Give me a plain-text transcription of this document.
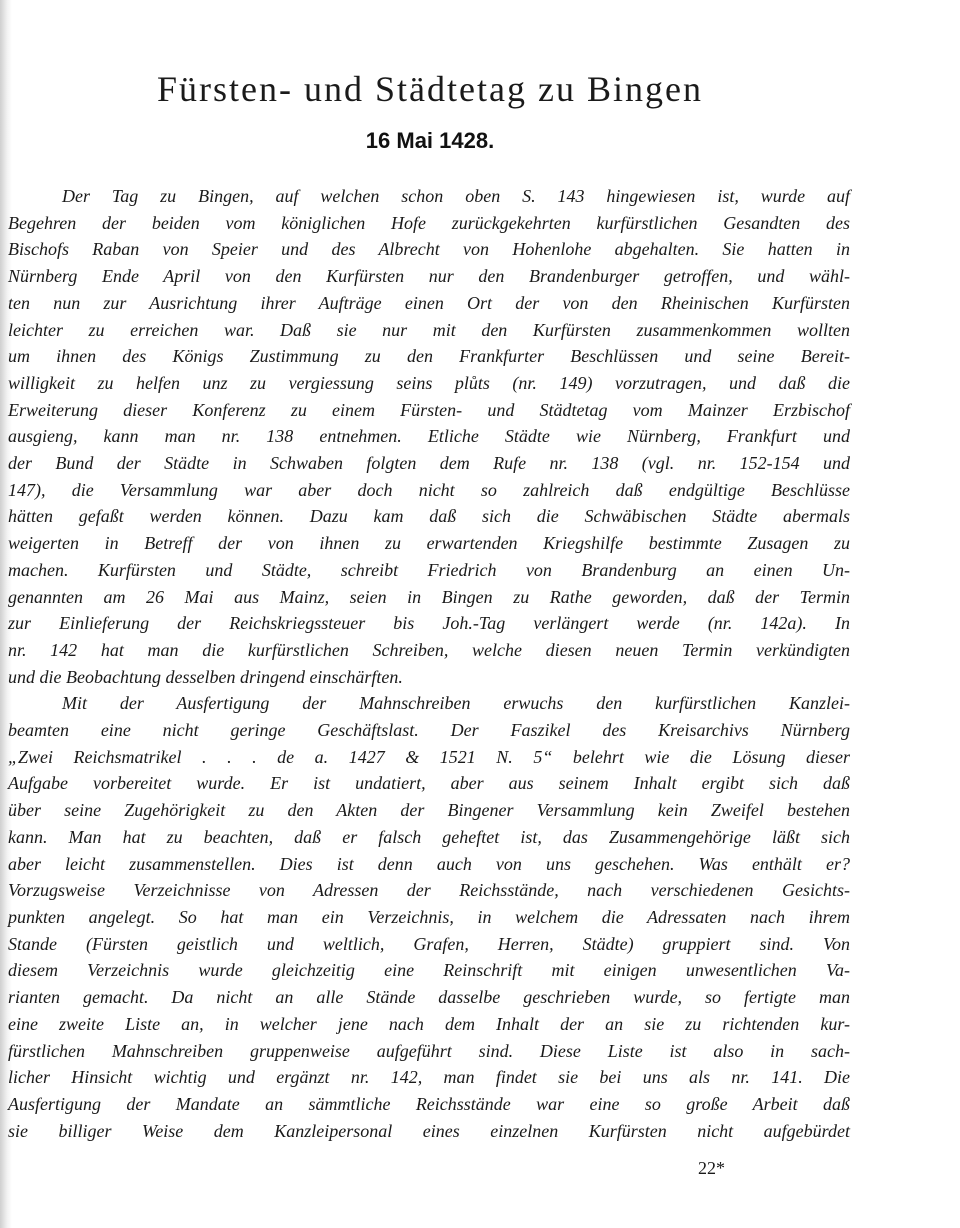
Fürsten- und Städtetag zu Bingen
16 Mai 1428.
Der Tag zu Bingen, auf welchen schon oben S. 143 hingewiesen ist, wurde auf
Begehren der beiden vom königlichen Hofe zurückgekehrten kurfürstlichen Gesandten des
Bischofs Raban von Speier und des Albrecht von Hohenlohe abgehalten. Sie hatten in
Nürnberg Ende April von den Kurfürsten nur den Brandenburger getroffen, und wähl-
ten nun zur Ausrichtung ihrer Aufträge einen Ort der von den Rheinischen Kurfürsten
leichter zu erreichen war. Daß sie nur mit den Kurfürsten zusammenkommen wollten
um ihnen des Königs Zustimmung zu den Frankfurter Beschlüssen und seine Bereit-
willigkeit zu helfen unz zu vergiessung seins plůts (nr. 149) vorzutragen, und daß die
Erweiterung dieser Konferenz zu einem Fürsten- und Städtetag vom Mainzer Erzbischof
ausgieng, kann man nr. 138 entnehmen. Etliche Städte wie Nürnberg, Frankfurt und
der Bund der Städte in Schwaben folgten dem Rufe nr. 138 (vgl. nr. 152-154 und
147), die Versammlung war aber doch nicht so zahlreich daß endgültige Beschlüsse
hätten gefaßt werden können. Dazu kam daß sich die Schwäbischen Städte abermals
weigerten in Betreff der von ihnen zu erwartenden Kriegshilfe bestimmte Zusagen zu
machen. Kurfürsten und Städte, schreibt Friedrich von Brandenburg an einen Un-
genannten am 26 Mai aus Mainz, seien in Bingen zu Rathe geworden, daß der Termin
zur Einlieferung der Reichskriegssteuer bis Joh.-Tag verlängert werde (nr. 142a). In
nr. 142 hat man die kurfürstlichen Schreiben, welche diesen neuen Termin verkündigten
und die Beobachtung desselben dringend einschärften.
Mit der Ausfertigung der Mahnschreiben erwuchs den kurfürstlichen Kanzlei-
beamten eine nicht geringe Geschäftslast. Der Faszikel des Kreisarchivs Nürnberg
„Zwei Reichsmatrikel . . . de a. 1427 & 1521 N. 5“ belehrt wie die Lösung dieser
Aufgabe vorbereitet wurde. Er ist undatiert, aber aus seinem Inhalt ergibt sich daß
über seine Zugehörigkeit zu den Akten der Bingener Versammlung kein Zweifel bestehen
kann. Man hat zu beachten, daß er falsch geheftet ist, das Zusammengehörige läßt sich
aber leicht zusammenstellen. Dies ist denn auch von uns geschehen. Was enthält er?
Vorzugsweise Verzeichnisse von Adressen der Reichsstände, nach verschiedenen Gesichts-
punkten angelegt. So hat man ein Verzeichnis, in welchem die Adressaten nach ihrem
Stande (Fürsten geistlich und weltlich, Grafen, Herren, Städte) gruppiert sind. Von
diesem Verzeichnis wurde gleichzeitig eine Reinschrift mit einigen unwesentlichen Va-
rianten gemacht. Da nicht an alle Stände dasselbe geschrieben wurde, so fertigte man
eine zweite Liste an, in welcher jene nach dem Inhalt der an sie zu richtenden kur-
fürstlichen Mahnschreiben gruppenweise aufgeführt sind. Diese Liste ist also in sach-
licher Hinsicht wichtig und ergänzt nr. 142, man findet sie bei uns als nr. 141. Die
Ausfertigung der Mandate an sämmtliche Reichsstände war eine so große Arbeit daß
sie billiger Weise dem Kanzleipersonal eines einzelnen Kurfürsten nicht aufgebürdet
22*
